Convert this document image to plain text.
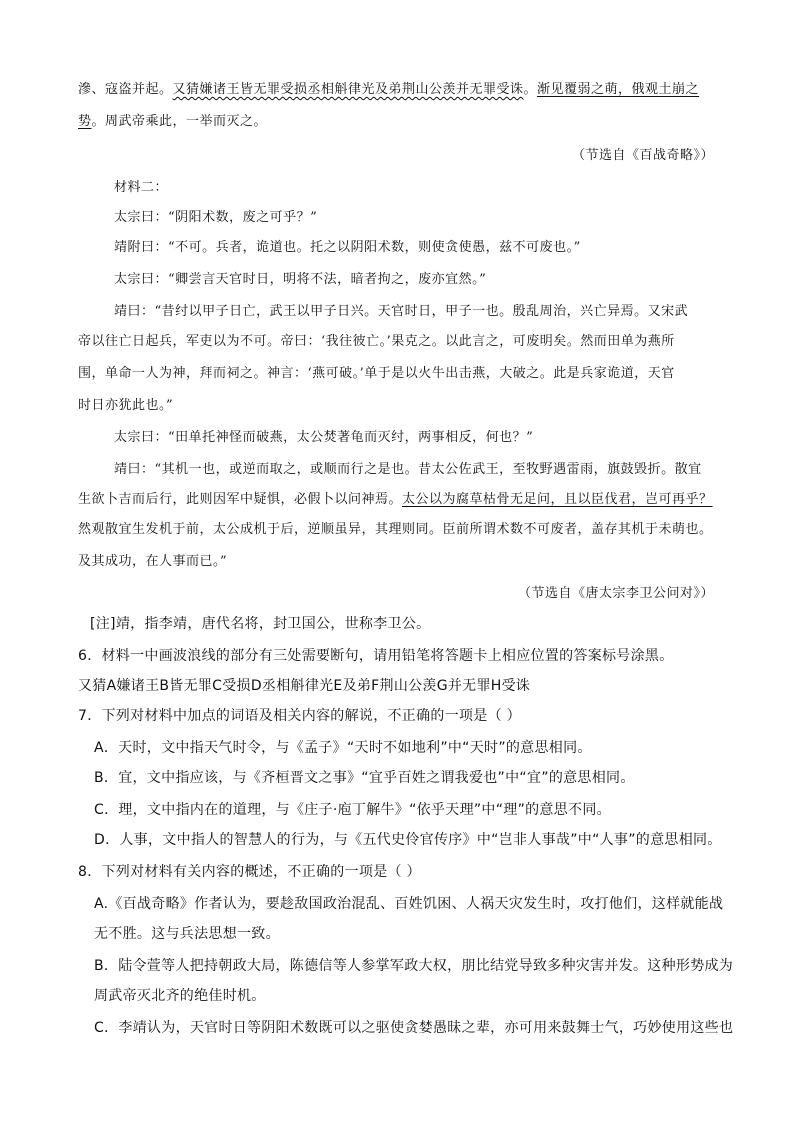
滲、寇盗并起。又猜嫌诸王皆无罪受损丞相斛律光及弟荆山公羡并无罪受诛。渐见覆弱之萌，俄观土崩之
势。周武帝乘此，一举而灭之。
（节选自《百战奇略》）
材料二：
太宗曰：“阴阳术数，废之可乎？”
靖附曰：“不可。兵者，诡道也。托之以阴阳术数，则使贪使愚，兹不可废也。”
太宗曰：“卿尝言天官时日，明将不法，暗者拘之，废亦宜然。”
靖曰：“昔纣以甲子日亡，武王以甲子日兴。天官时日，甲子一也。殷乱周治，兴亡异焉。又宋武
帝以往亡日起兵，军吏以为不可。帝曰：‘我往彼亡。’果克之。以此言之，可废明矣。然而田单为燕所
围，单命一人为神，拜而祠之。神言：‘燕可破。’单于是以火牛出击燕，大破之。此是兵家诡道，天官
时日亦犹此也。”
太宗曰：“田单托神怪而破燕，太公焚著龟而灭纣，两事相反，何也？”
靖曰：“其机一也，或逆而取之，或顺而行之是也。昔太公佐武王，至牧野遇雷雨，旗鼓毁折。散宜
生欲卜吉而后行，此则因军中疑惧，必假卜以问神焉。太公以为腐草枯骨无足问，且以臣伐君，岂可再乎？
然观散宜生发机于前，太公成机于后，逆顺虽异，其理则同。臣前所谓术数不可废者，盖存其机于未萌也。
及其成功，在人事而已。”
（节选自《唐太宗李卫公问对》）
[注]靖，指李靖，唐代名将，封卫国公，世称李卫公。
6．材料一中画波浪线的部分有三处需要断句，请用铅笔将答题卡上相应位置的答案标号涂黑。
又猜A嫌诸王B皆无罪C受损D丞相斛律光E及弟F荆山公羡G并无罪H受诛
7．下列对材料中加点的词语及相关内容的解说，不正确的一项是（ ）
A．天时，文中指天气时令，与《孟子》“天时不如地利”中“天时”的意思相同。
B．宜，文中指应该，与《齐桓晋文之事》“宜乎百姓之谓我爱也”中“宜”的意思相同。
C．理，文中指内在的道理，与《庄子·庖丁解牛》“依乎天理”中“理”的意思不同。
D．人事，文中指人的智慧人的行为，与《五代史伶官传序》中“岂非人事哉”中“人事”的意思相同。
8．下列对材料有关内容的概述，不正确的一项是（ ）
A.《百战奇略》作者认为，要趁敌国政治混乱、百姓饥困、人祸天灾发生时，攻打他们，这样就能战
无不胜。这与兵法思想一致。
B．陆令萱等人把持朝政大局，陈德信等人参掌军政大权，朋比结党导致多种灾害并发。这种形势成为
周武帝灭北齐的绝佳时机。
C．李靖认为，天官时日等阴阳术数既可以之驱使贪婪愚昧之辈，亦可用来鼓舞士气，巧妙使用这些也
